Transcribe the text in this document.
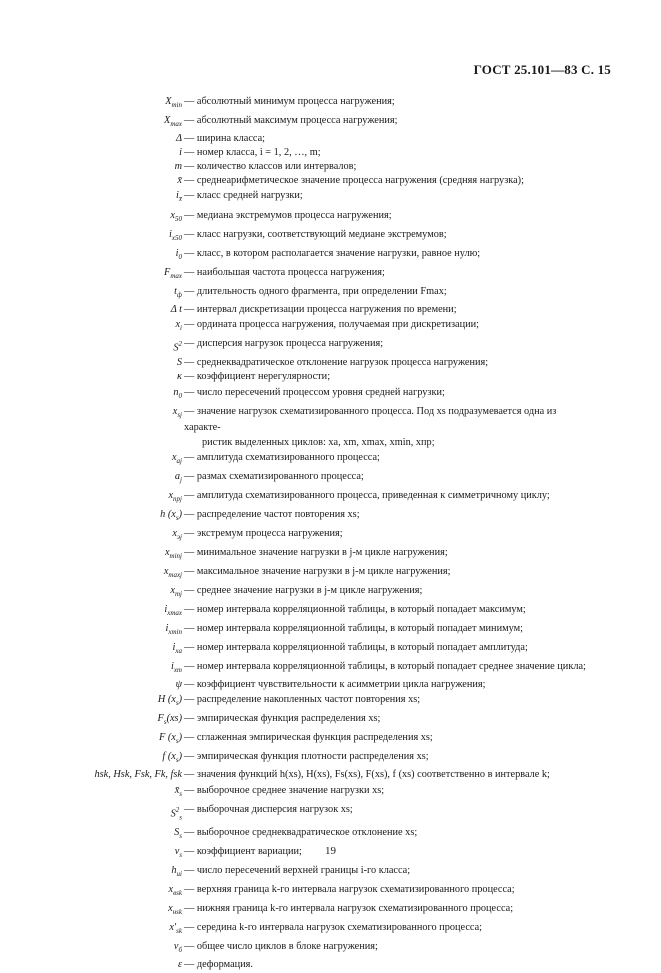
ГОСТ 25.101—83 С. 15
$X_{min}$ — абсолютный минимум процесса нагружения;
$X_{max}$ — абсолютный максимум процесса нагружения;
Δ — ширина класса;
i — номер класса, i = 1, 2, …, m;
m — количество классов или интервалов;
x̄ — среднеарифметическое значение процесса нагружения (средняя нагрузка);
$i_{x̄}$ — класс средней нагрузки;
$x_{50}$ — медиана экстремумов процесса нагружения;
$i_{x50}$ — класс нагрузки, соответствующий медиане экстремумов;
$i_0$ — класс, в котором располагается значение нагрузки, равное нулю;
$F_{max}$ — наибольшая частота процесса нагружения;
$t_ф$ — длительность одного фрагмента, при определении Fmax;
Δ t — интервал дискретизации процесса нагружения по времени;
$x_i$ — ордината процесса нагружения, получаемая при дискретизации;
$S^2$ — дисперсия нагрузок процесса нагружения;
S — среднеквадратическое отклонение нагрузок процесса нагружения;
κ — коэффициент нерегулярности;
$n_0$ — число пересечений процессом уровня средней нагрузки;
$x_{sj}$ — значение нагрузок схематизированного процесса. Под xs подразумевается одна из характе-
ристик выделенных циклов: xa, xm, xmax, xmin, xпр;
$x_{aj}$ — амплитуда схематизированного процесса;
$a_j$ — размах схематизированного процесса;
$x_{прj}$ — амплитуда схематизированного процесса, приведенная к симметричному циклу;
h $(x_s)$ — распределение частот повторения xs;
$x_{эj}$ — экстремум процесса нагружения;
$x_{minj}$ — минимальное значение нагрузки в j-м цикле нагружения;
$x_{maxj}$ — максимальное значение нагрузки в j-м цикле нагружения;
$x_{mj}$ — среднее значение нагрузки в j-м цикле нагружения;
$i_{xmax}$ — номер интервала корреляционной таблицы, в который попадает максимум;
$i_{xmin}$ — номер интервала корреляционной таблицы, в который попадает минимум;
$i_{xa}$ — номер интервала корреляционной таблицы, в который попадает амплитуда;
$i_{xm}$ — номер интервала корреляционной таблицы, в который попадает среднее значение цикла;
ψ — коэффициент чувствительности к асимметрии цикла нагружения;
H $(x_s)$ — распределение накопленных частот повторения xs;
$F_s(xs)$ — эмпирическая функция распределения xs;
F $(x_s)$ — сглаженная эмпирическая функция распределения xs;
f $(x_s)$ — эмпирическая функция плотности распределения xs;
hsk, Hsk, Fsk, Fk, fsk — значения функций h(xs), H(xs), Fs(xs), F(xs), f (xs) соответственно в интервале k;
$x̄_s$ — выборочное среднее значение нагрузки xs;
$S^2_s$
— выборочная дисперсия нагрузок xs;
$S_s$ — выборочное среднеквадратическое отклонение xs;
$v_s$ — коэффициент вариации;
$h_{ui}$ — число пересечений верхней границы i-го класса;
$x_{вsk}$ — верхняя граница k-го интервала нагрузок схематизированного процесса;
$x_{нsk}$ — нижняя граница k-го интервала нагрузок схематизированного процесса;
$x'_{sk}$ — середина k-го интервала нагрузок схематизированного процесса;
$\nu_б$ — общее число циклов в блоке нагружения;
ε — деформация.
19
